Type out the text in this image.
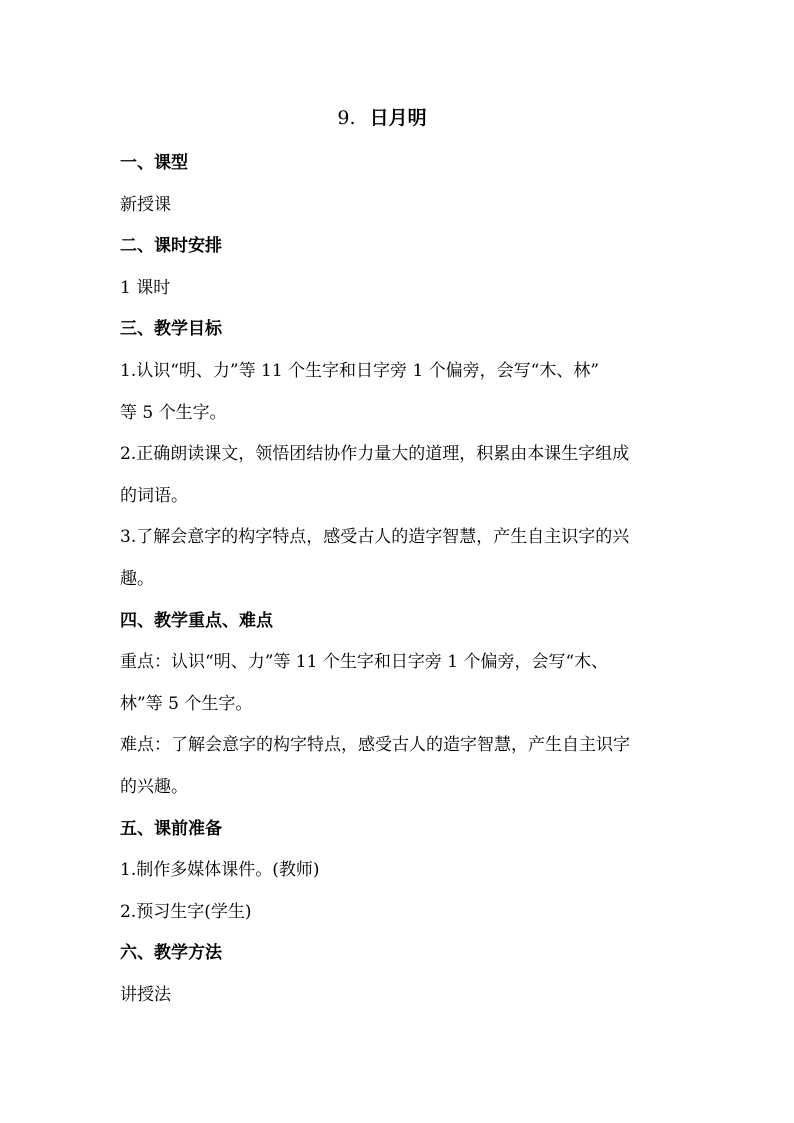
9. 日月明
一、课型
新授课
二、课时安排
1 课时
三、教学目标
1.认识“明、力”等 11 个生字和日字旁 1 个偏旁，会写“木、林”
等 5 个生字。
2.正确朗读课文，领悟团结协作力量大的道理，积累由本课生字组成
的词语。
3.了解会意字的构字特点，感受古人的造字智慧，产生自主识字的兴
趣。
四、教学重点、难点
重点：认识“明、力”等 11 个生字和日字旁 1 个偏旁，会写“木、
林”等 5 个生字。
难点：了解会意字的构字特点，感受古人的造字智慧，产生自主识字
的兴趣。
五、课前准备
1.制作多媒体课件。(教师)
2.预习生字(学生)
六、教学方法
讲授法
